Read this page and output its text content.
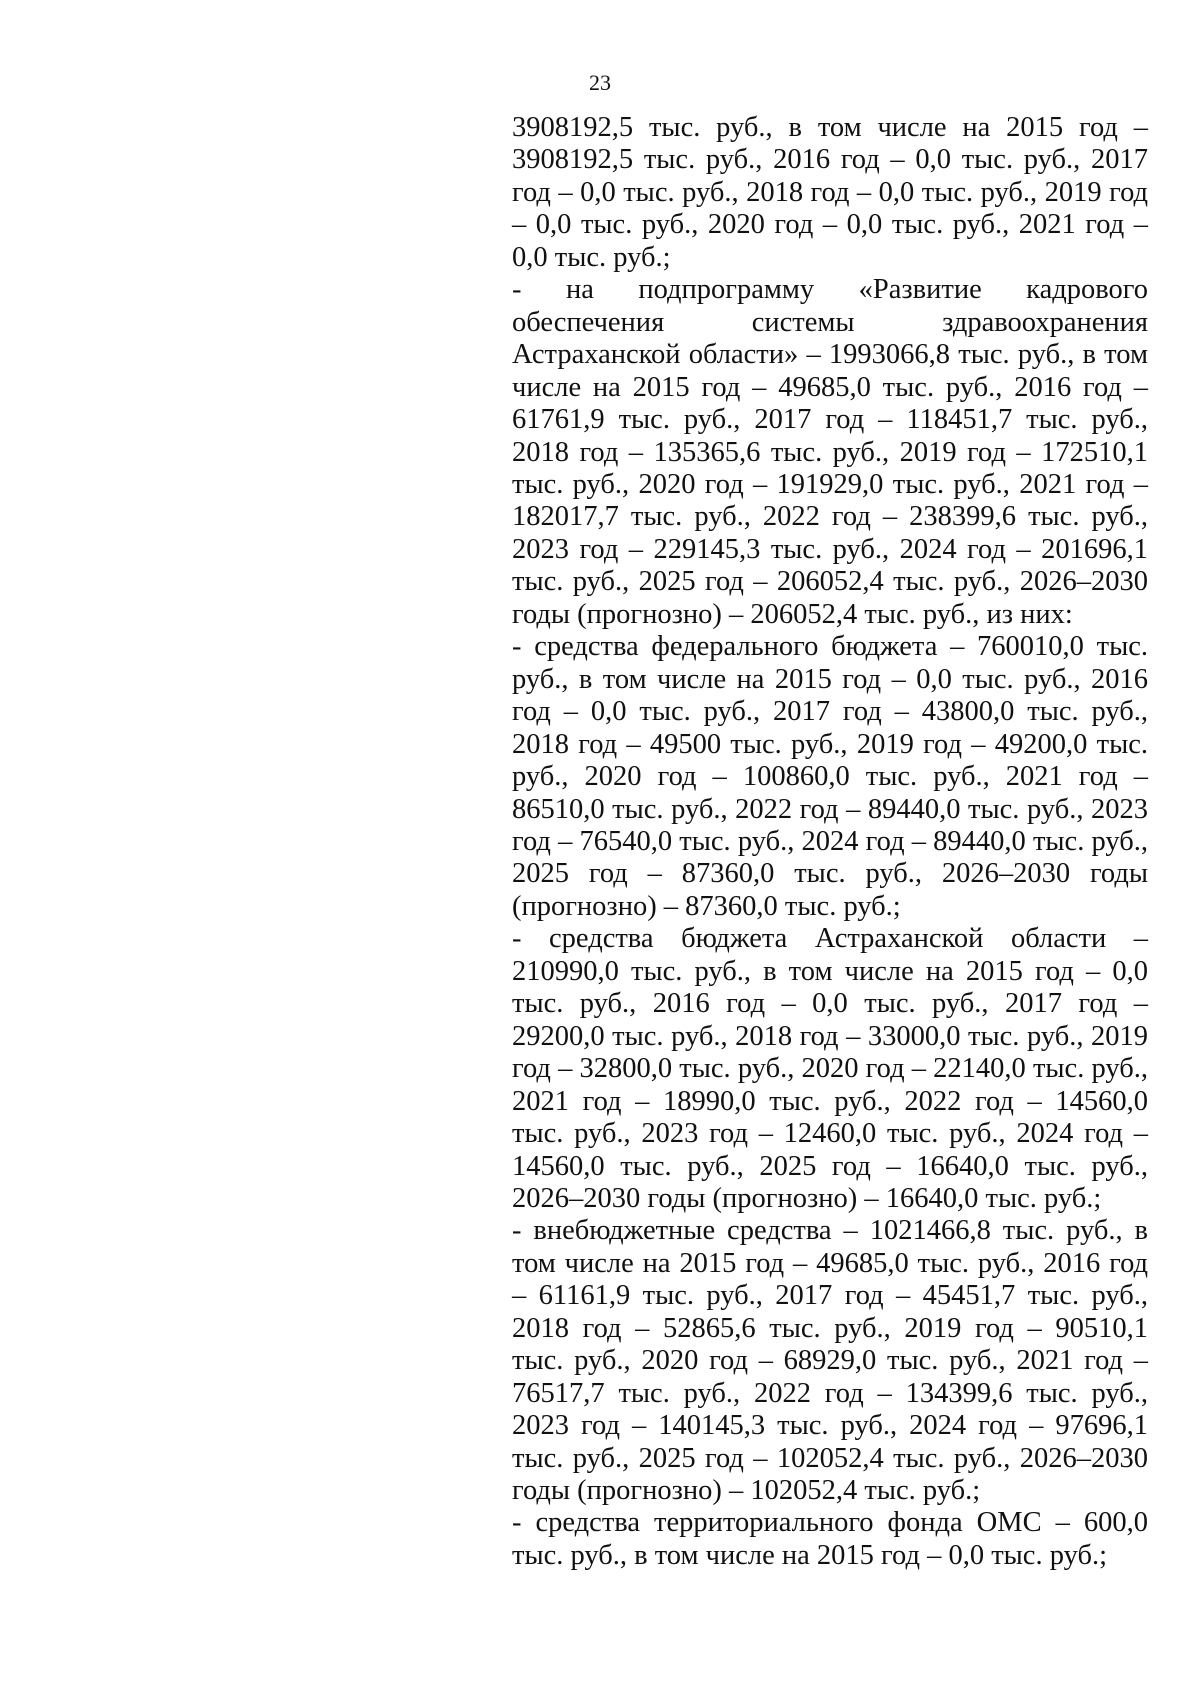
23

3908192,5 тыс. руб., в том числе на 2015 год – 3908192,5 тыс. руб., 2016 год – 0,0 тыс. руб., 2017 год – 0,0 тыс. руб., 2018 год – 0,0 тыс. руб., 2019 год – 0,0 тыс. руб., 2020 год – 0,0 тыс. руб., 2021 год – 0,0 тыс. руб.;

- на подпрограмму «Развитие кадрового обеспечения системы здравоохранения Астраханской области» – 1993066,8 тыс. руб., в том числе на 2015 год – 49685,0 тыс. руб., 2016 год – 61761,9 тыс. руб., 2017 год – 118451,7 тыс. руб., 2018 год – 135365,6 тыс. руб., 2019 год – 172510,1 тыс. руб., 2020 год – 191929,0 тыс. руб., 2021 год – 182017,7 тыс. руб., 2022 год – 238399,6 тыс. руб., 2023 год – 229145,3 тыс. руб., 2024 год – 201696,1 тыс. руб., 2025 год – 206052,4 тыс. руб., 2026–2030 годы (прогнозно) – 206052,4 тыс. руб., из них:

- средства федерального бюджета – 760010,0 тыс. руб., в том числе на 2015 год – 0,0 тыс. руб., 2016 год – 0,0 тыс. руб., 2017 год – 43800,0 тыс. руб., 2018 год – 49500 тыс. руб., 2019 год – 49200,0 тыс. руб., 2020 год – 100860,0 тыс. руб., 2021 год – 86510,0 тыс. руб., 2022 год – 89440,0 тыс. руб., 2023 год – 76540,0 тыс. руб., 2024 год – 89440,0 тыс. руб., 2025 год – 87360,0 тыс. руб., 2026–2030 годы (прогнозно) – 87360,0 тыс. руб.;

- средства бюджета Астраханской области – 210990,0 тыс. руб., в том числе на 2015 год – 0,0 тыс. руб., 2016 год – 0,0 тыс. руб., 2017 год – 29200,0 тыс. руб., 2018 год – 33000,0 тыс. руб., 2019 год – 32800,0 тыс. руб., 2020 год – 22140,0 тыс. руб., 2021 год – 18990,0 тыс. руб., 2022 год – 14560,0 тыс. руб., 2023 год – 12460,0 тыс. руб., 2024 год – 14560,0 тыс. руб., 2025 год – 16640,0 тыс. руб., 2026–2030 годы (прогнозно) – 16640,0 тыс. руб.;

- внебюджетные средства – 1021466,8 тыс. руб., в том числе на 2015 год – 49685,0 тыс. руб., 2016 год – 61161,9 тыс. руб., 2017 год – 45451,7 тыс. руб., 2018 год – 52865,6 тыс. руб., 2019 год – 90510,1 тыс. руб., 2020 год – 68929,0 тыс. руб., 2021 год – 76517,7 тыс. руб., 2022 год – 134399,6 тыс. руб., 2023 год – 140145,3 тыс. руб., 2024 год – 97696,1 тыс. руб., 2025 год – 102052,4 тыс. руб., 2026–2030 годы (прогнозно) – 102052,4 тыс. руб.;

- средства территориального фонда ОМС – 600,0 тыс. руб., в том числе на 2015 год – 0,0 тыс. руб.;
